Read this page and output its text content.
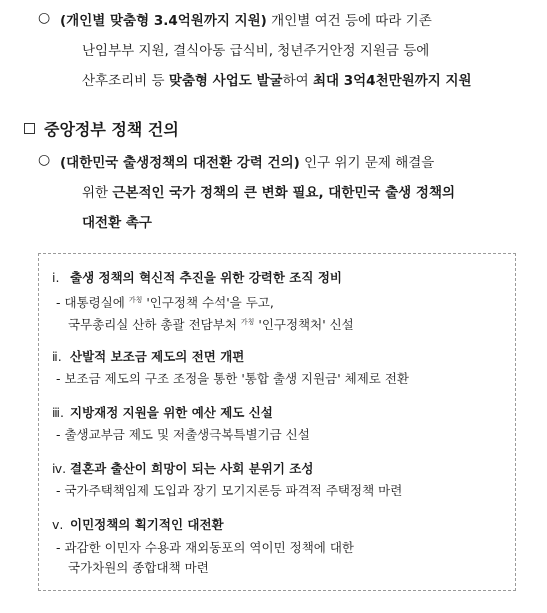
○ (개인별 맞춤형 3.4억원까지 지원) 개인별 여건 등에 따라 기존
난임부부 지원, 결식아동 급식비, 청년주거안정 지원금 등에
산후조리비 등 맞춤형 사업도 발굴하여 최대 3억4천만원까지 지원
중앙정부 정책 건의
○ (대한민국 출생정책의 대전환 강력 건의) 인구 위기 문제 해결을
위한 근본적인 국가 정책의 큰 변화 필요, 대한민국 출생 정책의
대전환 촉구
ⅰ. 출생 정책의 혁신적 추진을 위한 강력한 조직 정비
- 대통령실에 $^{가칭}$ '인구정책 수석'을 두고,
국무총리실 산하 총괄 전담부처 $^{가칭}$ '인구정책처' 신설
ⅱ. 산발적 보조금 제도의 전면 개편
- 보조금 제도의 구조 조정을 통한 '통합 출생 지원금' 체제로 전환
ⅲ. 지방재정 지원을 위한 예산 제도 신설
- 출생교부금 제도 및 저출생극복특별기금 신설
ⅳ. 결혼과 출산이 희망이 되는 사회 분위기 조성
- 국가주택책임제 도입과 장기 모기지론등 파격적 주택정책 마련
ⅴ. 이민정책의 획기적인 대전환
- 과감한 이민자 수용과 재외동포의 역이민 정책에 대한
국가차원의 종합대책 마련
